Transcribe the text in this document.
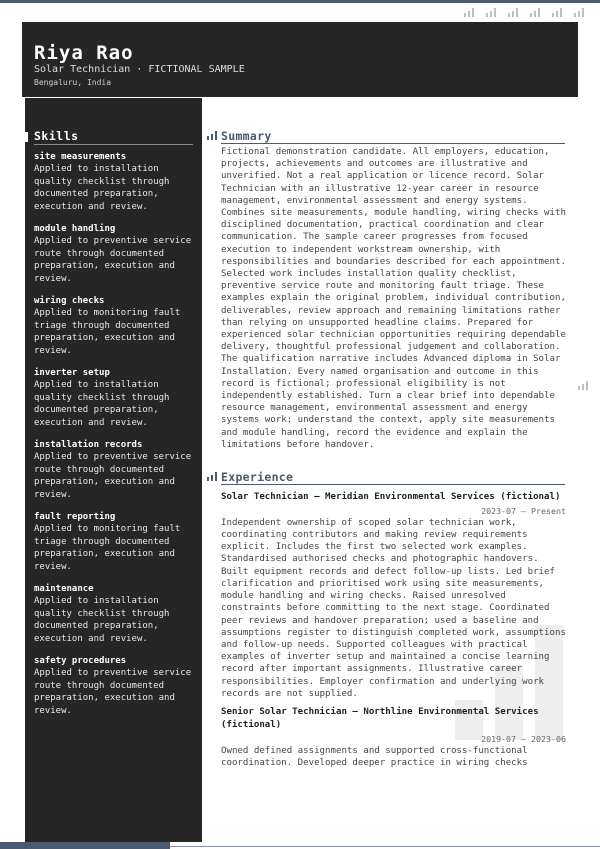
Riya Rao
Solar Technician · FICTIONAL SAMPLE
Bengaluru, India
Skills
site measurements
Applied to installation quality checklist through documented preparation, execution and review.
module handling
Applied to preventive service route through documented preparation, execution and review.
wiring checks
Applied to monitoring fault triage through documented preparation, execution and review.
inverter setup
Applied to installation quality checklist through documented preparation, execution and review.
installation records
Applied to preventive service route through documented preparation, execution and review.
fault reporting
Applied to monitoring fault triage through documented preparation, execution and review.
maintenance
Applied to installation quality checklist through documented preparation, execution and review.
safety procedures
Applied to preventive service route through documented preparation, execution and review.
Summary
Fictional demonstration candidate. All employers, education, projects, achievements and outcomes are illustrative and unverified. Not a real application or licence record. Solar Technician with an illustrative 12-year career in resource management, environmental assessment and energy systems. Combines site measurements, module handling, wiring checks with disciplined documentation, practical coordination and clear communication. The sample career progresses from focused execution to independent workstream ownership, with responsibilities and boundaries described for each appointment. Selected work includes installation quality checklist, preventive service route and monitoring fault triage. These examples explain the original problem, individual contribution, deliverables, review approach and remaining limitations rather than relying on unsupported headline claims. Prepared for experienced solar technician opportunities requiring dependable delivery, thoughtful professional judgement and collaboration. The qualification narrative includes Advanced diploma in Solar Installation. Every named organisation and outcome in this record is fictional; professional eligibility is not independently established. Turn a clear brief into dependable resource management, environmental assessment and energy systems work: understand the context, apply site measurements and module handling, record the evidence and explain the limitations before handover.
Experience
Solar Technician — Meridian Environmental Services (fictional)
2023-07 – Present
Independent ownership of scoped solar technician work, coordinating contributors and making review requirements explicit. Includes the first two selected work examples. Standardised authorised checks and photographic handovers. Built equipment records and defect follow-up lists. Led brief clarification and prioritised work using site measurements, module handling and wiring checks. Raised unresolved constraints before committing to the next stage. Coordinated peer reviews and handover preparation; used a baseline and assumptions register to distinguish completed work, assumptions and follow-up needs. Supported colleagues with practical examples of inverter setup and maintained a concise learning record after important assignments. Illustrative career responsibilities. Employer confirmation and underlying work records are not supplied.
Senior Solar Technician — Northline Environmental Services (fictional)
2019-07 – 2023-06
Owned defined assignments and supported cross-functional coordination. Developed deeper practice in wiring checks
